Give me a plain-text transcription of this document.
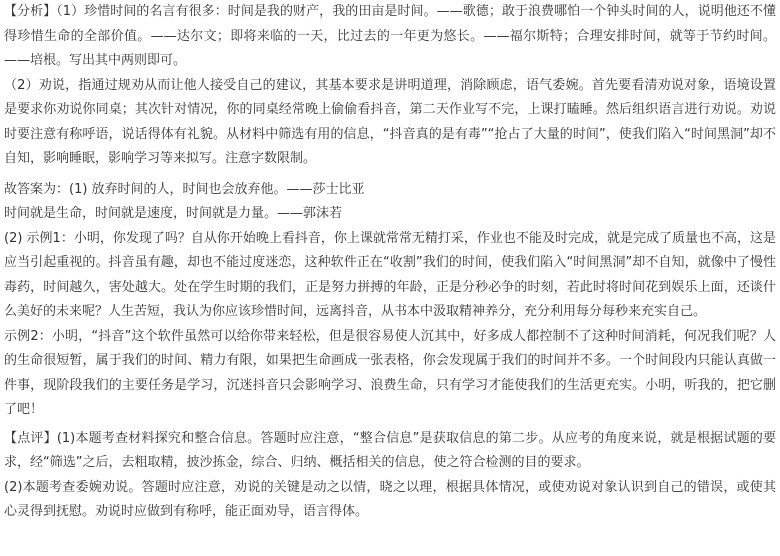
【分析】（1）珍惜时间的名言有很多：时间是我的财产，我的田亩是时间。——歌德；敢于浪费哪怕一个钟头时间的人，说明他还不懂得珍惜生命的全部价值。——达尔文；即将来临的一天，比过去的一年更为悠长。——福尔斯特；合理安排时间，就等于节约时间。——培根。写出其中两则即可。

（2）劝说，指通过规劝从而让他人接受自己的建议，其基本要求是讲明道理，消除顾虑，语气委婉。首先要看清劝说对象，语境设置是要求你劝说你同桌；其次针对情况，你的同桌经常晚上偷偷看抖音，第二天作业写不完，上课打瞌睡。然后组织语言进行劝说。劝说时要注意有称呼语，说话得体有礼貌。从材料中筛选有用的信息，“抖音真的是有毒”“抢占了大量的时间”，使我们陷入“时间黑洞”却不自知，影响睡眠，影响学习等来拟写。注意字数限制。

故答案为：(1) 放弃时间的人，时间也会放弃他。——莎士比亚

时间就是生命，时间就是速度，时间就是力量。——郭沫若

(2) 示例1：小明，你发现了吗？自从你开始晚上看抖音，你上课就常常无精打采，作业也不能及时完成，就是完成了质量也不高，这是应当引起重视的。抖音虽有趣，却也不能过度迷恋，这种软件正在“收割”我们的时间，使我们陷入“时间黑洞”却不自知，就像中了慢性毒药，时间越久，害处越大。处在学生时期的我们，正是努力拼搏的年龄，正是分秒必争的时刻，若此时将时间花到娱乐上面，还谈什么美好的未来呢？人生苦短，我认为你应该珍惜时间，远离抖音，从书本中汲取精神养分，充分利用每分每秒来充实自己。

示例2：小明，“抖音”这个软件虽然可以给你带来轻松，但是很容易使人沉其中，好多成人都控制不了这种时间消耗，何况我们呢？人的生命很短暂，属于我们的时间、精力有限，如果把生命画成一张表格，你会发现属于我们的时间并不多。一个时间段内只能认真做一件事，现阶段我们的主要任务是学习，沉迷抖音只会影响学习、浪费生命，只有学习才能使我们的生活更充实。小明，听我的，把它删了吧！

【点评】(1)本题考查材料探究和整合信息。答题时应注意，“整合信息”是获取信息的第二步。从应考的角度来说，就是根据试题的要求，经“筛选”之后，去粗取精，披沙拣金，综合、归纳、概括相关的信息，使之符合检测的目的要求。

(2)本题考查委婉劝说。答题时应注意，劝说的关键是动之以情，晓之以理，根据具体情况，或使劝说对象认识到自己的错误，或使其心灵得到抚慰。劝说时应做到有称呼，能正面劝导，语言得体。
